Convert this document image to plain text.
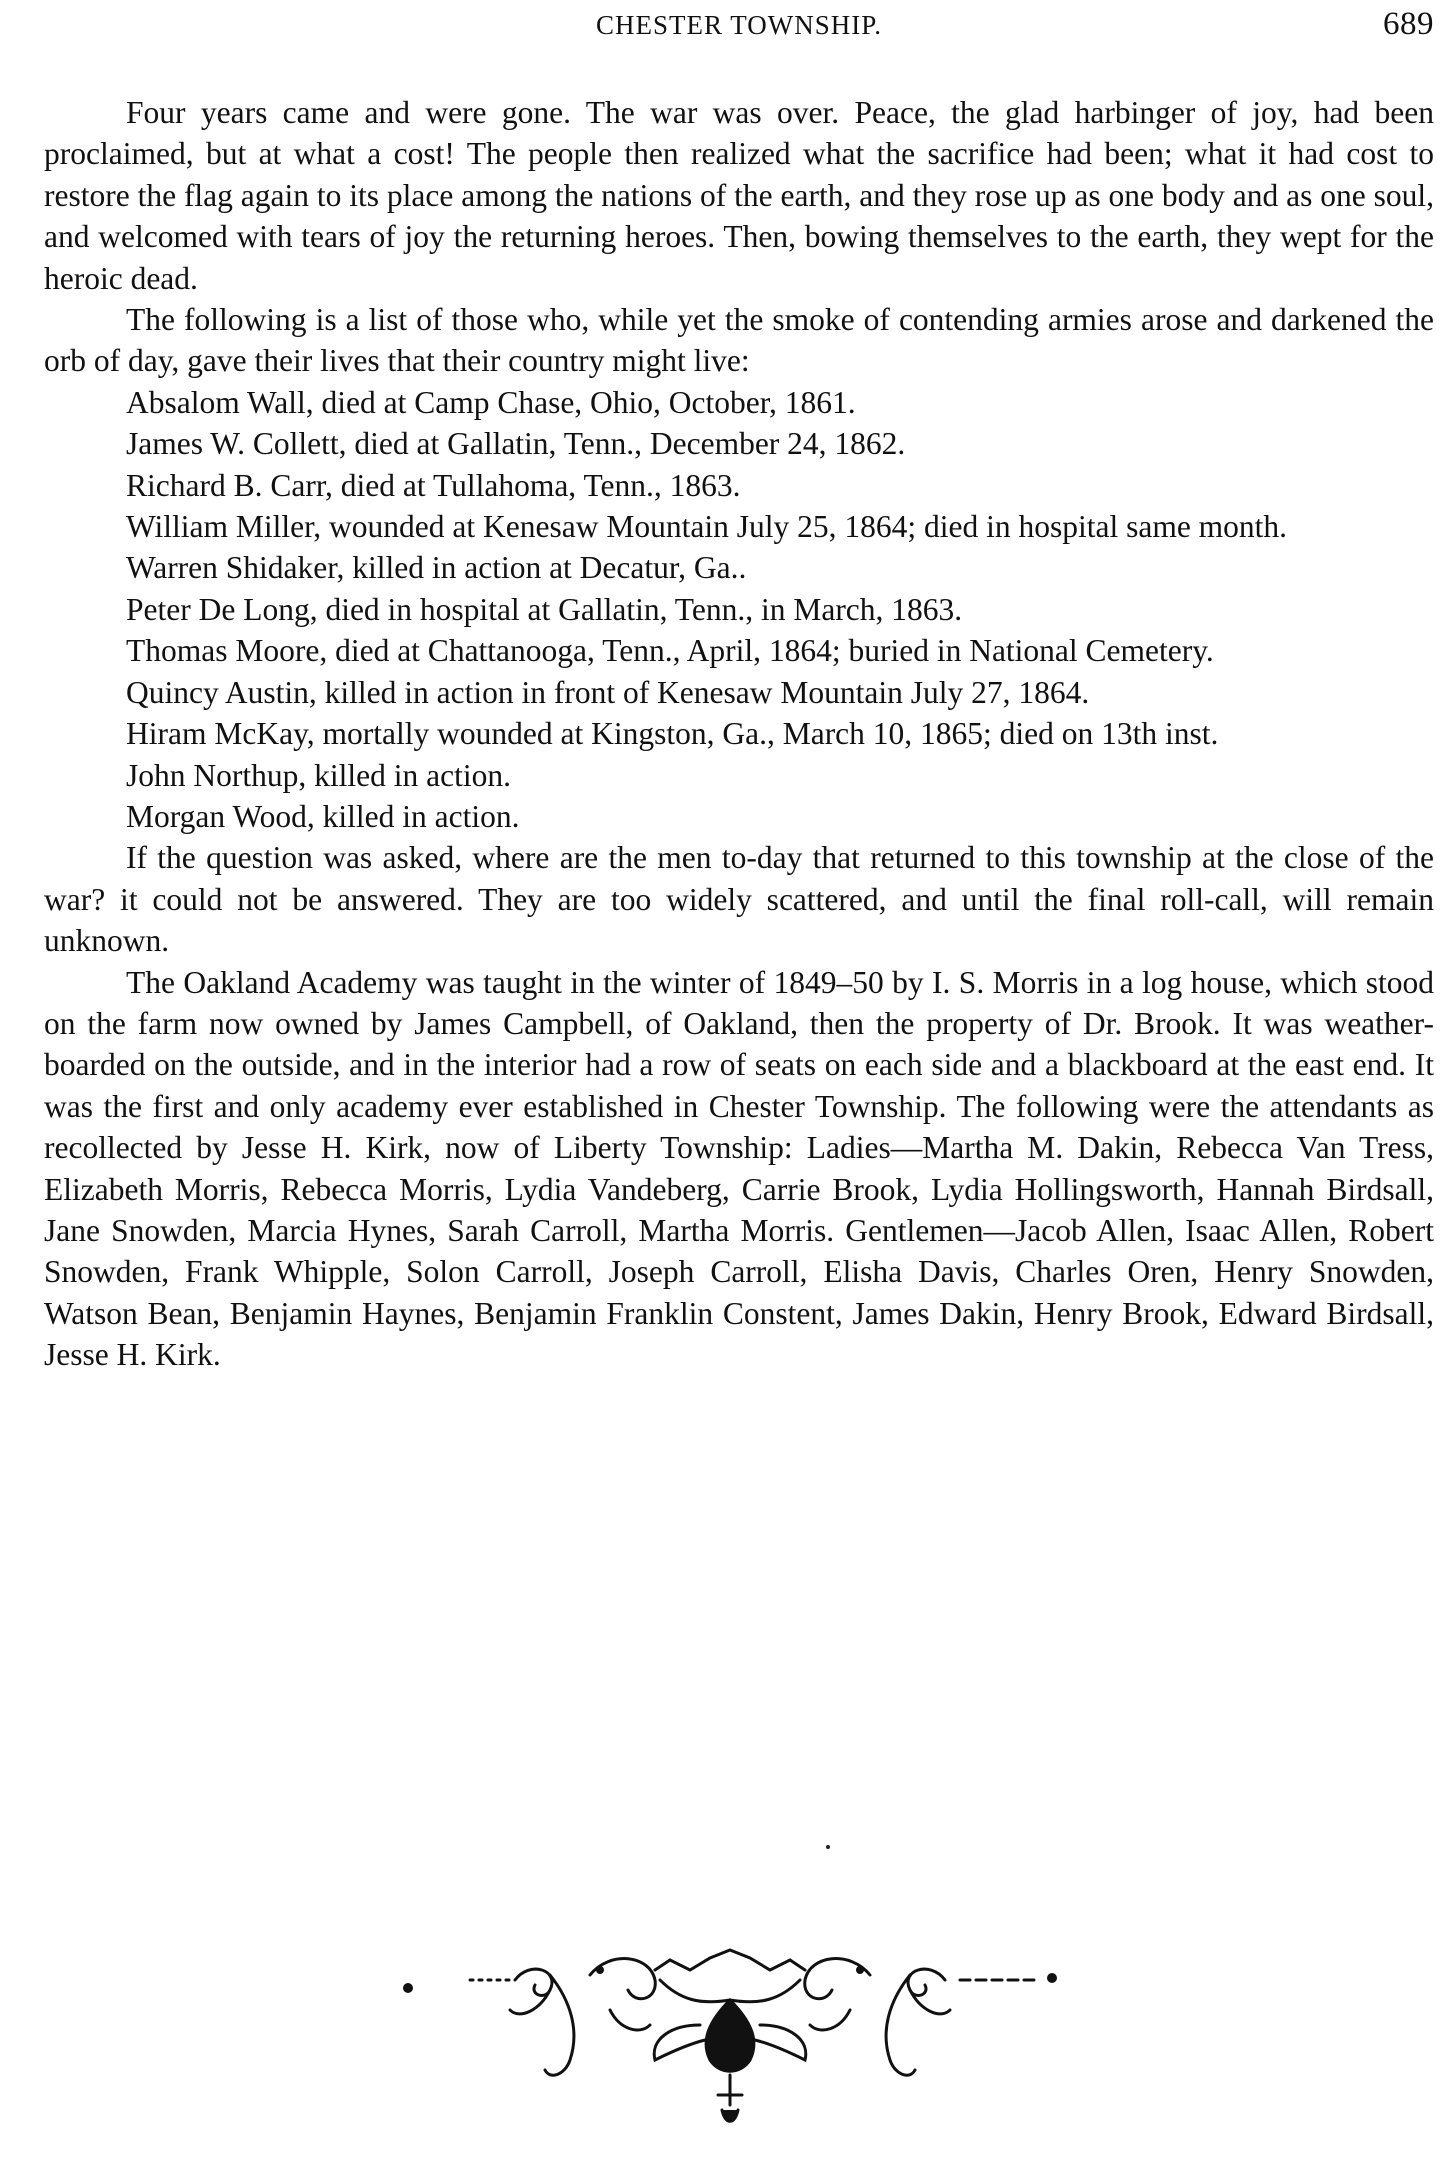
CHESTER TOWNSHIP.	689

Four years came and were gone. The war was over. Peace, the glad harbinger of joy, had been proclaimed, but at what a cost! The people then realized what the sacrifice had been; what it had cost to restore the flag again to its place among the nations of the earth, and they rose up as one body and as one soul, and welcomed with tears of joy the returning heroes. Then, bowing themselves to the earth, they wept for the heroic dead.

The following is a list of those who, while yet the smoke of contending armies arose and darkened the orb of day, gave their lives that their country might live:

Absalom Wall, died at Camp Chase, Ohio, October, 1861.

James W. Collett, died at Gallatin, Tenn., December 24, 1862.

Richard B. Carr, died at Tullahoma, Tenn., 1863.

William Miller, wounded at Kenesaw Mountain July 25, 1864; died in hospital same month.

Warren Shidaker, killed in action at Decatur, Ga..

Peter De Long, died in hospital at Gallatin, Tenn., in March, 1863.

Thomas Moore, died at Chattanooga, Tenn., April, 1864; buried in National Cemetery.

Quincy Austin, killed in action in front of Kenesaw Mountain July 27, 1864.

Hiram McKay, mortally wounded at Kingston, Ga., March 10, 1865; died on 13th inst.

John Northup, killed in action.

Morgan Wood, killed in action.

If the question was asked, where are the men to-day that returned to this township at the close of the war? it could not be answered. They are too widely scattered, and until the final roll-call, will remain unknown.

The Oakland Academy was taught in the winter of 1849–50 by I. S. Morris in a log house, which stood on the farm now owned by James Campbell, of Oakland, then the property of Dr. Brook. It was weather-boarded on the outside, and in the interior had a row of seats on each side and a blackboard at the east end. It was the first and only academy ever established in Chester Township. The following were the attendants as recollected by Jesse H. Kirk, now of Liberty Township: Ladies—Martha M. Dakin, Rebecca Van Tress, Elizabeth Morris, Rebecca Morris, Lydia Vandeberg, Carrie Brook, Lydia Hollingsworth, Hannah Birdsall, Jane Snowden, Marcia Hynes, Sarah Carroll, Martha Morris. Gentlemen—Jacob Allen, Isaac Allen, Robert Snowden, Frank Whipple, Solon Carroll, Joseph Carroll, Elisha Davis, Charles Oren, Henry Snowden, Watson Bean, Benjamin Haynes, Benjamin Franklin Constent, James Dakin, Henry Brook, Edward Birdsall, Jesse H. Kirk.
